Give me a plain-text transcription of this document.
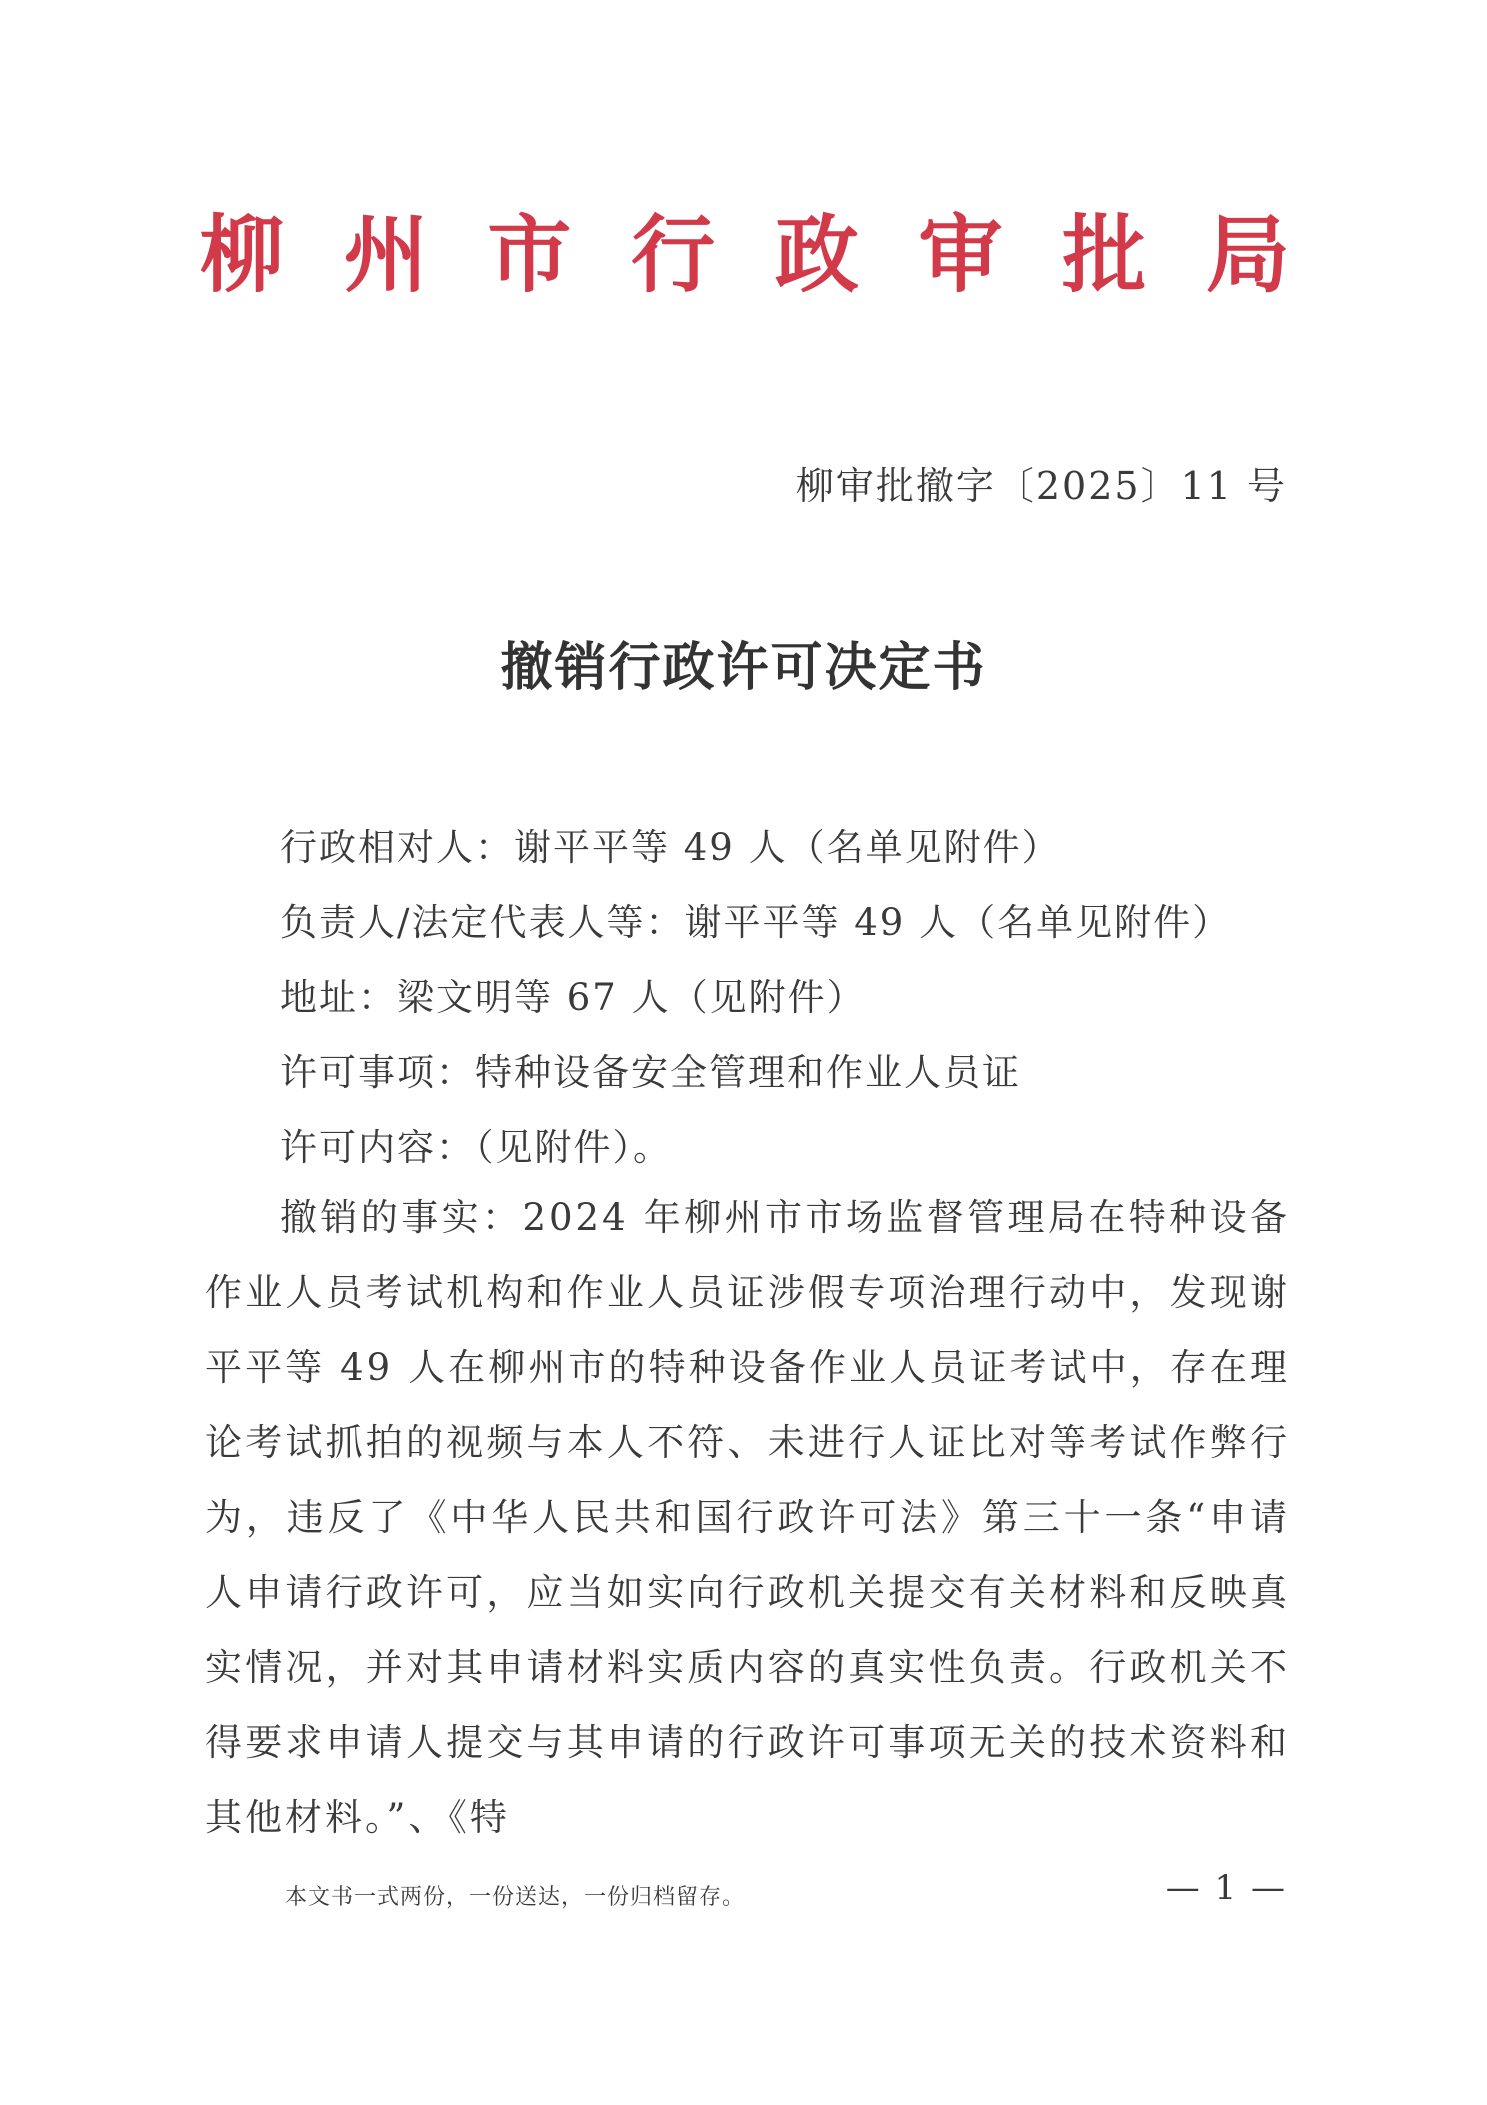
柳 州 市 行 政 审 批 局
柳审批撤字〔2025〕11 号
撤销行政许可决定书
行政相对人：谢平平等 49 人（名单见附件）
负责人/法定代表人等：谢平平等 49 人（名单见附件）
地址：梁文明等 67 人（见附件）
许可事项：特种设备安全管理和作业人员证
许可内容：（见附件）。

撤销的事实：2024 年柳州市市场监督管理局在特种设备作业人员考试机构和作业人员证涉假专项治理行动中，发现谢平平等 49 人在柳州市的特种设备作业人员证考试中，存在理论考试抓拍的视频与本人不符、未进行人证比对等考试作弊行为，违反了《中华人民共和国行政许可法》第三十一条“申请人申请行政许可，应当如实向行政机关提交有关材料和反映真实情况，并对其申请材料实质内容的真实性负责。行政机关不得要求申请人提交与其申请的行政许可事项无关的技术资料和其他材料。”、《特

本文书一式两份，一份送达，一份归档留存。	— 1 —
